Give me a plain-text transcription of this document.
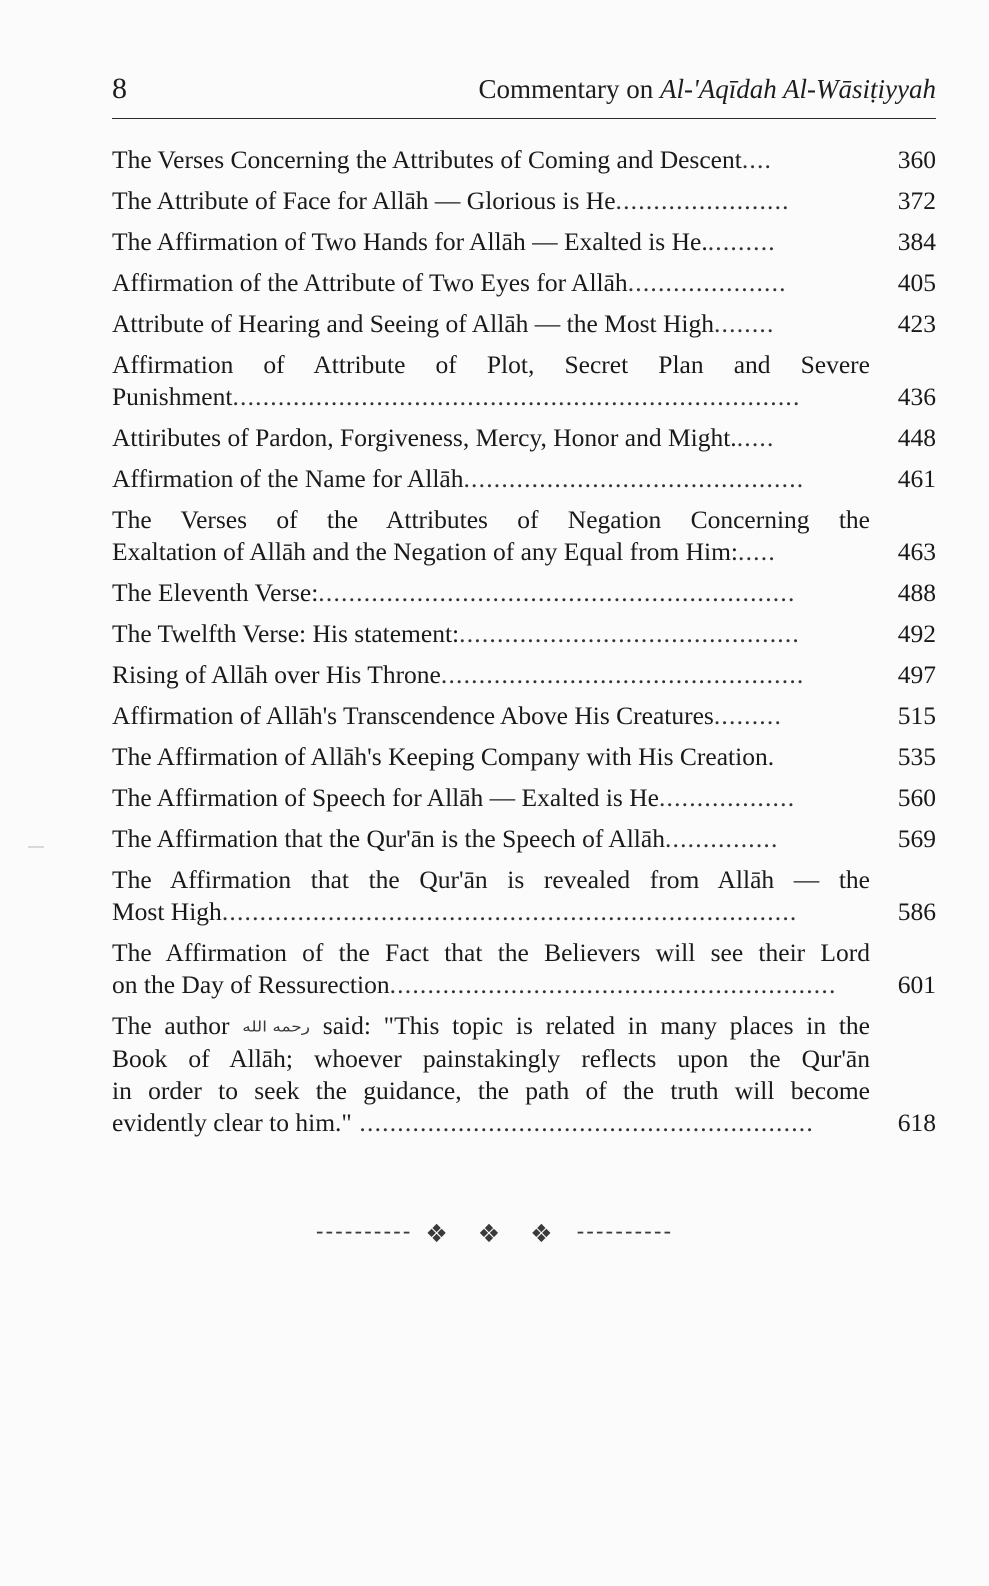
8	Commentary on Al-'Aqīdah Al-Wāsiṭiyyah
The Verses Concerning the Attributes of Coming and Descent....	360
The Attribute of Face for Allāh — Glorious is He.......................	372
The Affirmation of Two Hands for Allāh — Exalted is He..........	384
Affirmation of the Attribute of Two Eyes for Allāh.....................	405
Attribute of Hearing and Seeing of Allāh — the Most High........	423
Affirmation of Attribute of Plot, Secret Plan and Severe
Punishment...........................................................................	436
Attiributes of Pardon, Forgiveness, Mercy, Honor and Might......	448
Affirmation of the Name for Allāh.............................................	461
The Verses of the Attributes of Negation Concerning the
Exaltation of Allāh and the Negation of any Equal from Him:.....	463
The Eleventh Verse:...............................................................	488
The Twelfth Verse: His statement:.............................................	492
Rising of Allāh over His Throne................................................	497
Affirmation of Allāh's Transcendence Above His Creatures.........	515
The Affirmation of Allāh's Keeping Company with His Creation.	535
The Affirmation of Speech for Allāh — Exalted is He..................	560
The Affirmation that the Qur'ān is the Speech of Allāh...............	569
The Affirmation that the Qur'ān is revealed from Allāh — the
Most High............................................................................	586
The Affirmation of the Fact that the Believers will see their Lord
on the Day of Ressurection...........................................................	601
The author رحمه الله said: "This topic is related in many places in the
Book of Allāh; whoever painstakingly reflects upon the Qur'ān
in order to seek the guidance, the path of the truth will become
evidently clear to him." ............................................................	618
---------- ❖ ❖ ❖ ----------
